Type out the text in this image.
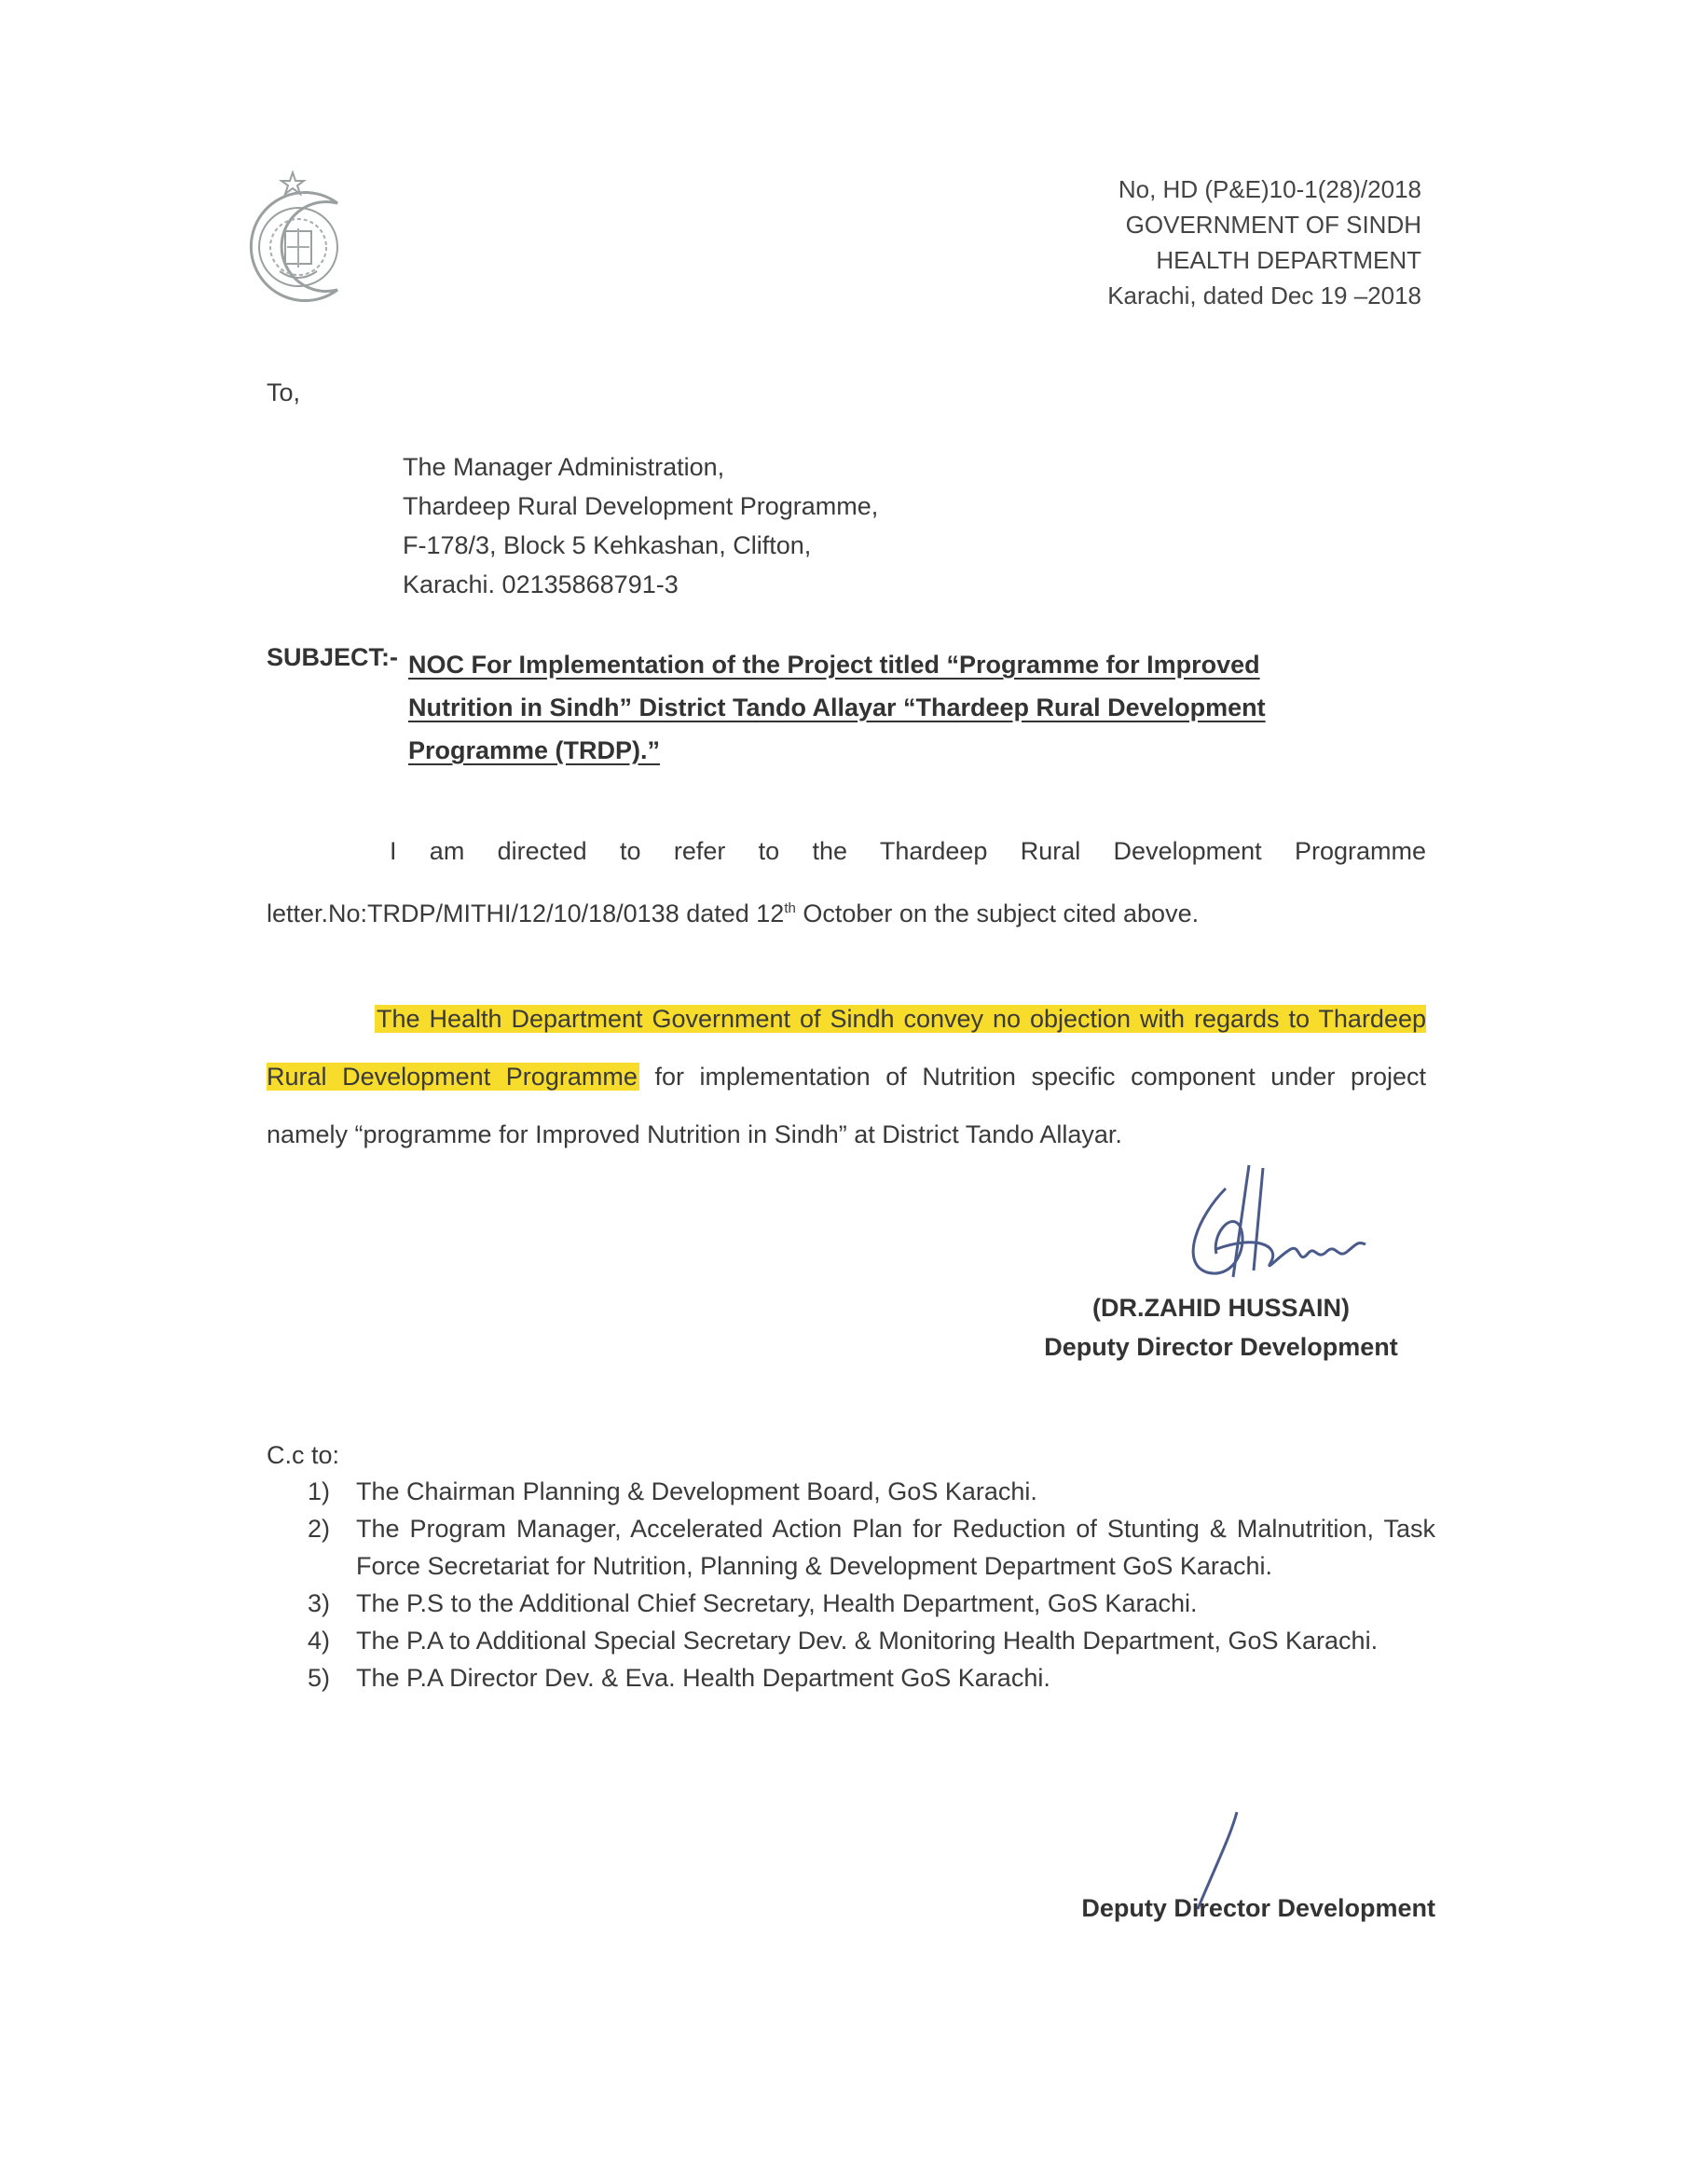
No, HD (P&E)10-1(28)/2018
GOVERNMENT OF SINDH
HEALTH DEPARTMENT
Karachi, dated Dec 19 –2018
To,
The Manager Administration,
Thardeep Rural Development Programme,
F-178/3, Block 5 Kehkashan, Clifton,
Karachi. 02135868791-3
SUBJECT:- NOC For Implementation of the Project titled “Programme for Improved Nutrition in Sindh” District Tando Allayar “Thardeep Rural Development Programme (TRDP).”
I am directed to refer to the Thardeep Rural Development Programme letter.No:TRDP/MITHI/12/10/18/0138 dated 12th October on the subject cited above.
The Health Department Government of Sindh convey no objection with regards to Thardeep Rural Development Programme for implementation of Nutrition specific component under project namely “programme for Improved Nutrition in Sindh” at District Tando Allayar.
(DR.ZAHID HUSSAIN)
Deputy Director Development
C.c to:
1)	The Chairman Planning & Development Board, GoS Karachi.
2)	The Program Manager, Accelerated Action Plan for Reduction of Stunting & Malnutrition, Task Force Secretariat for Nutrition, Planning & Development Department GoS Karachi.
3)	The P.S to the Additional Chief Secretary, Health Department, GoS Karachi.
4)	The P.A to Additional Special Secretary Dev. & Monitoring Health Department, GoS Karachi.
5)	The P.A Director Dev. & Eva. Health Department GoS Karachi.
Deputy Director Development
